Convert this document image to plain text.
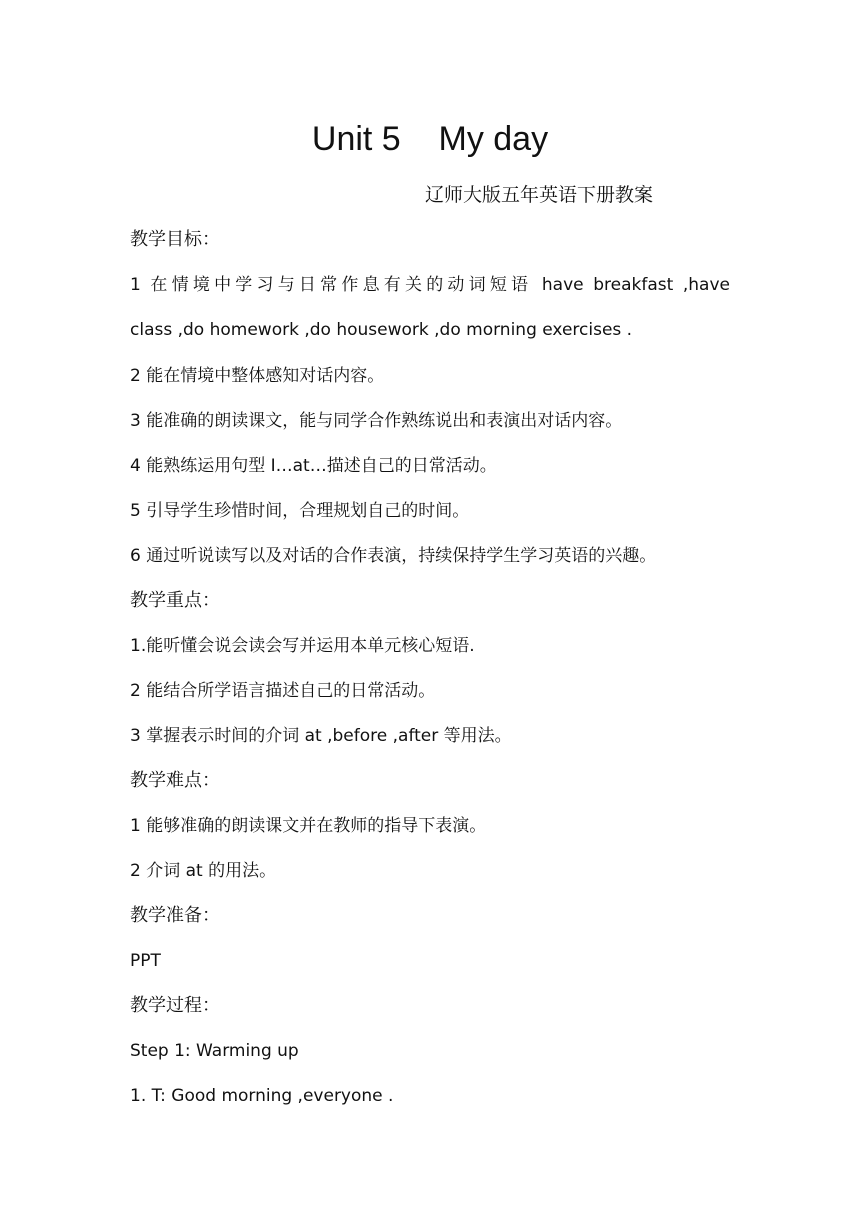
Unit 5    My day
辽师大版五年英语下册教案
教学目标：
1 在情境中学习与日常作息有关的动词短语 have breakfast ,have
class ,do homework ,do housework ,do morning exercises .
2 能在情境中整体感知对话内容。
3 能准确的朗读课文，能与同学合作熟练说出和表演出对话内容。
4 能熟练运用句型 I…at…描述自己的日常活动。
5 引导学生珍惜时间，合理规划自己的时间。
6 通过听说读写以及对话的合作表演，持续保持学生学习英语的兴趣。
教学重点：
1.能听懂会说会读会写并运用本单元核心短语.
2 能结合所学语言描述自己的日常活动。
3 掌握表示时间的介词 at ,before ,after 等用法。
教学难点：
1 能够准确的朗读课文并在教师的指导下表演。
2 介词 at 的用法。
教学准备：
PPT
教学过程：
Step 1: Warming up
1. T: Good morning ,everyone .
